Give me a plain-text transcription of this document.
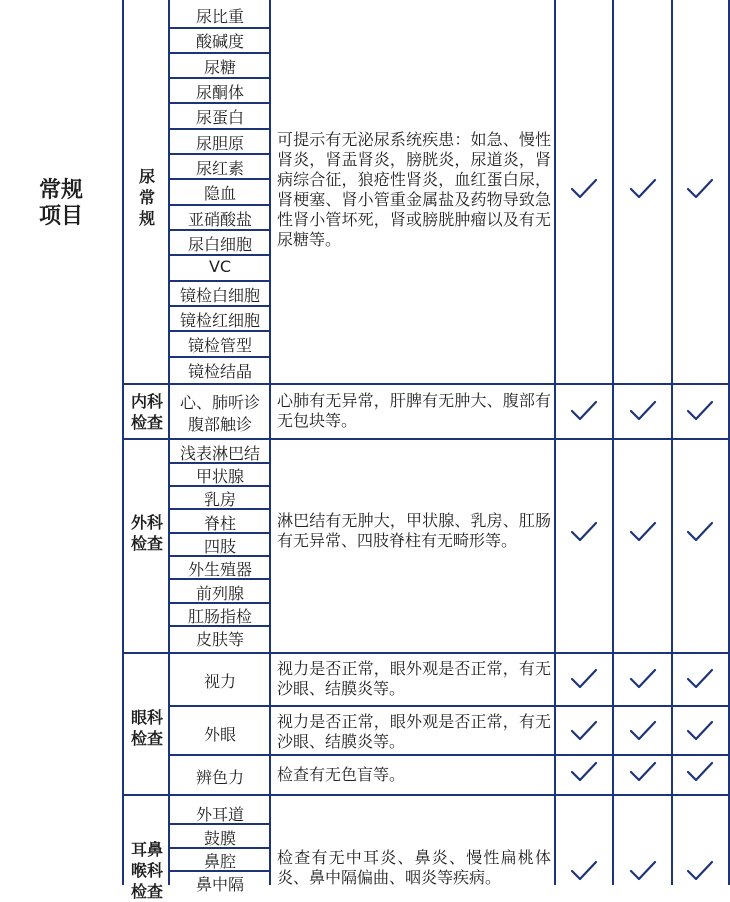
常规
项目
尿
常
规
尿比重
酸碱度
尿糖
尿酮体
尿蛋白
尿胆原
尿红素
隐血
亚硝酸盐
尿白细胞
VC
镜检白细胞
镜检红细胞
镜检管型
镜检结晶
可提示有无泌尿系统疾患：如急、慢性肾炎，肾盂肾炎，膀胱炎，尿道炎，肾病综合征，狼疮性肾炎，血红蛋白尿，肾梗塞、肾小管重金属盐及药物导致急性肾小管坏死，肾或膀胱肿瘤以及有无尿糖等。
内科
检查
心、肺听诊
腹部触诊
心肺有无异常，肝脾有无肿大、腹部有无包块等。
外科
检查
浅表淋巴结
甲状腺
乳房
脊柱
四肢
外生殖器
前列腺
肛肠指检
皮肤等
淋巴结有无肿大，甲状腺、乳房、肛肠有无异常、四肢脊柱有无畸形等。
眼科
检查
视力
视力是否正常，眼外观是否正常，有无沙眼、结膜炎等。
外眼
视力是否正常，眼外观是否正常，有无沙眼、结膜炎等。
辨色力	检查有无色盲等。
耳鼻
喉科
检查
外耳道
鼓膜
鼻腔
鼻中隔
检查有无中耳炎、鼻炎、慢性扁桃体炎、鼻中隔偏曲、咽炎等疾病。
